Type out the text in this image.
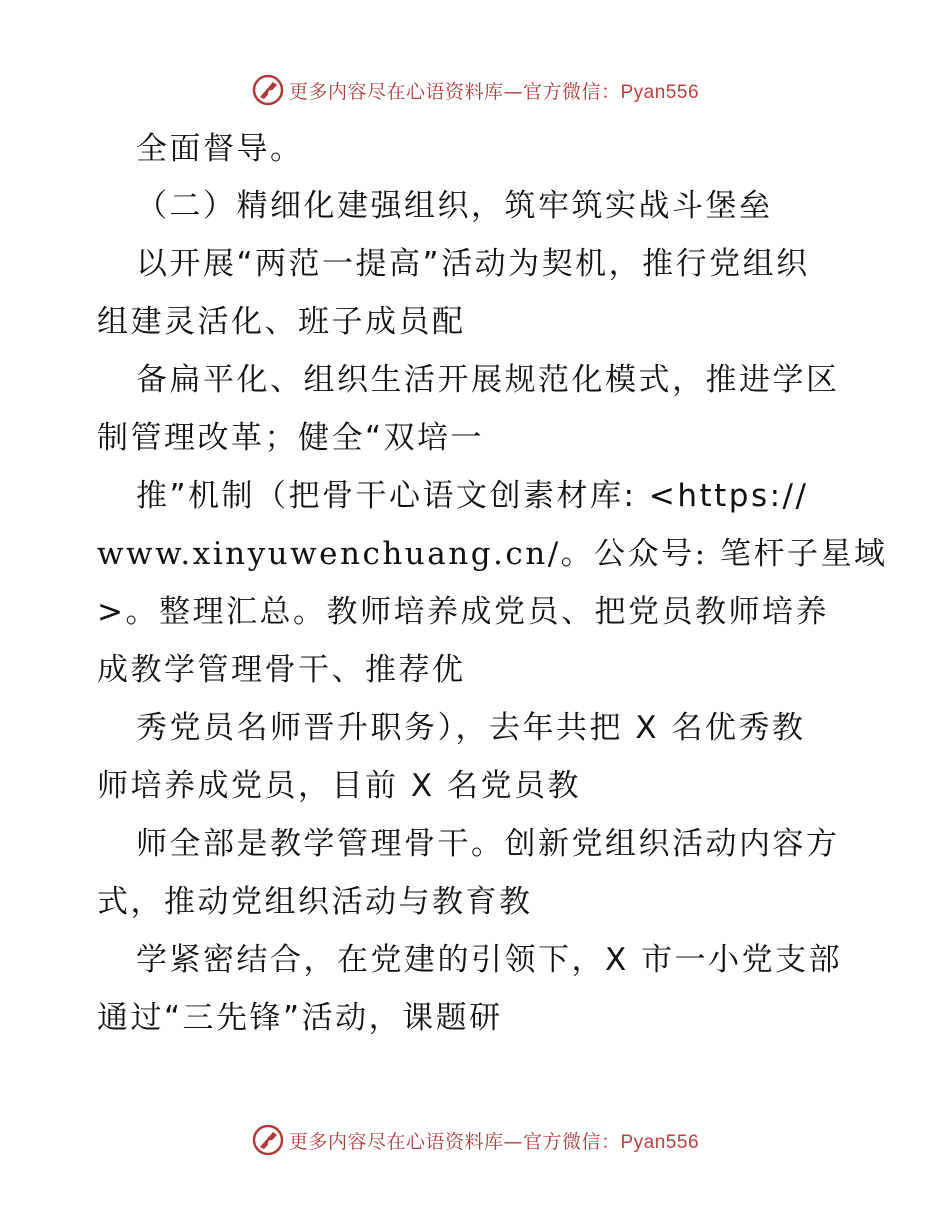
更多内容尽在心语资料库—官方微信：Pyan556
全面督导。
（二）精细化建强组织，筑牢筑实战斗堡垒
以开展“两范一提高”活动为契机，推行党组织
组建灵活化、班子成员配
备扁平化、组织生活开展规范化模式，推进学区
制管理改革；健全“双培一
推”机制（把骨干心语文创素材库: <https://
www.xinyuwenchuang.cn/。公众号: 笔杆子星域
>。整理汇总。教师培养成党员、把党员教师培养
成教学管理骨干、推荐优
秀党员名师晋升职务），去年共把 X 名优秀教
师培养成党员，目前 X 名党员教
师全部是教学管理骨干。创新党组织活动内容方
式，推动党组织活动与教育教
学紧密结合，在党建的引领下，X 市一小党支部
通过“三先锋”活动，课题研
更多内容尽在心语资料库—官方微信：Pyan556
